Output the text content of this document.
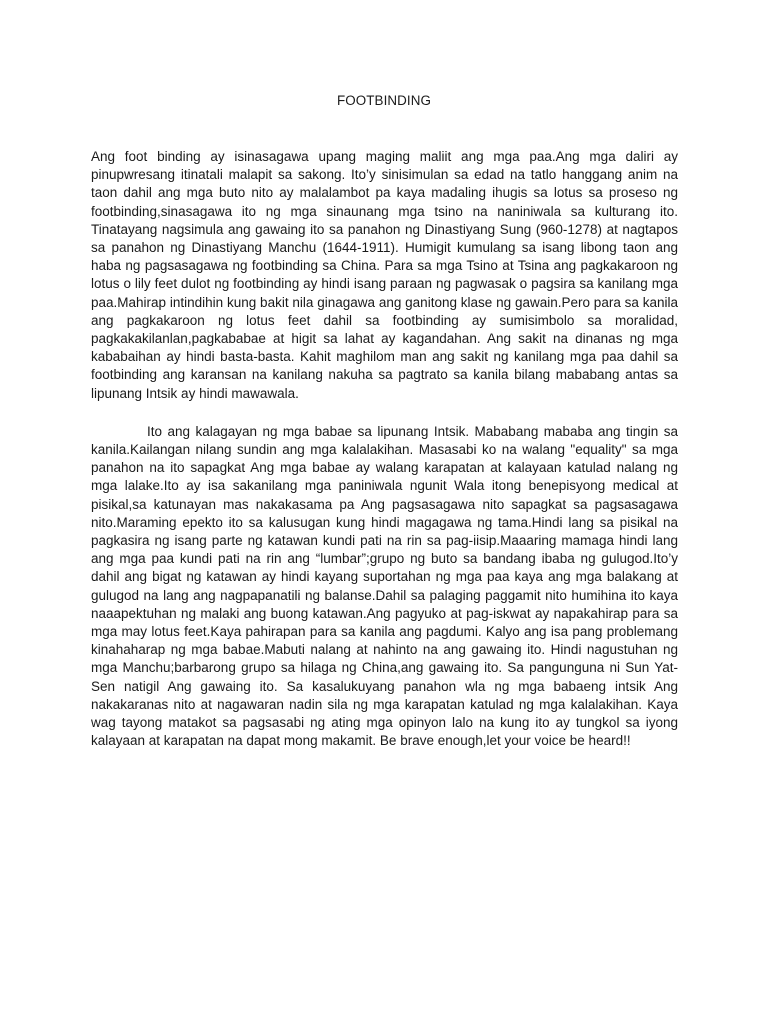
FOOTBINDING

Ang foot binding ay isinasagawa upang maging maliit ang mga paa.Ang mga daliri ay pinupwresang itinatali malapit sa sakong. Ito’y sinisimulan sa edad na tatlo hanggang anim na taon dahil ang mga buto nito ay malalambot pa kaya madaling ihugis sa lotus sa proseso ng footbinding,sinasagawa ito ng mga sinaunang mga tsino na naniniwala sa kulturang ito. Tinatayang nagsimula ang gawaing ito sa panahon ng Dinastiyang Sung (960-1278) at nagtapos sa panahon ng Dinastiyang Manchu (1644-1911). Humigit kumulang sa isang libong taon ang haba ng pagsasagawa ng footbinding sa China. Para sa mga Tsino at Tsina ang pagkakaroon ng lotus o lily feet dulot ng footbinding ay hindi isang paraan ng pagwasak o pagsira sa kanilang mga paa.Mahirap intindihin kung bakit nila ginagawa ang ganitong klase ng gawain.Pero para sa kanila ang pagkakaroon ng lotus feet dahil sa footbinding ay sumisimbolo sa moralidad, pagkakakilanlan,pagkababae at higit sa lahat ay kagandahan. Ang sakit na dinanas ng mga kababaihan ay hindi basta-basta. Kahit maghilom man ang sakit ng kanilang mga paa dahil sa footbinding ang karansan na kanilang nakuha sa pagtrato sa kanila bilang mababang antas sa lipunang Intsik ay hindi mawawala.

Ito ang kalagayan ng mga babae sa lipunang Intsik. Mababang mababa ang tingin sa kanila.Kailangan nilang sundin ang mga kalalakihan. Masasabi ko na walang "equality" sa mga panahon na ito sapagkat Ang mga babae ay walang karapatan at kalayaan katulad nalang ng mga lalake.Ito ay isa sakanilang mga paniniwala ngunit Wala itong benepisyong medical at pisikal,sa katunayan mas nakakasama pa Ang pagsasagawa nito sapagkat sa pagsasagawa nito.Maraming epekto ito sa kalusugan kung hindi magagawa ng tama.Hindi lang sa pisikal na pagkasira ng isang parte ng katawan kundi pati na rin sa pag-iisip.Maaaring mamaga hindi lang ang mga paa kundi pati na rin ang “lumbar”;grupo ng buto sa bandang ibaba ng gulugod.Ito’y dahil ang bigat ng katawan ay hindi kayang suportahan ng mga paa kaya ang mga balakang at gulugod na lang ang nagpapanatili ng balanse.Dahil sa palaging paggamit nito humihina ito kaya naaapektuhan ng malaki ang buong katawan.Ang pagyuko at pag-iskwat ay napakahirap para sa mga may lotus feet.Kaya pahirapan para sa kanila ang pagdumi. Kalyo ang isa pang problemang kinahaharap ng mga babae.Mabuti nalang at nahinto na ang gawaing ito. Hindi nagustuhan ng mga Manchu;barbarong grupo sa hilaga ng China,ang gawaing ito. Sa pangunguna ni Sun Yat-Sen natigil Ang gawaing ito. Sa kasalukuyang panahon wla ng mga babaeng intsik Ang nakakaranas nito at nagawaran nadin sila ng mga karapatan katulad ng mga kalalakihan. Kaya wag tayong matakot sa pagsasabi ng ating mga opinyon lalo na kung ito ay tungkol sa iyong kalayaan at karapatan na dapat mong makamit. Be brave enough,let your voice be heard!!
